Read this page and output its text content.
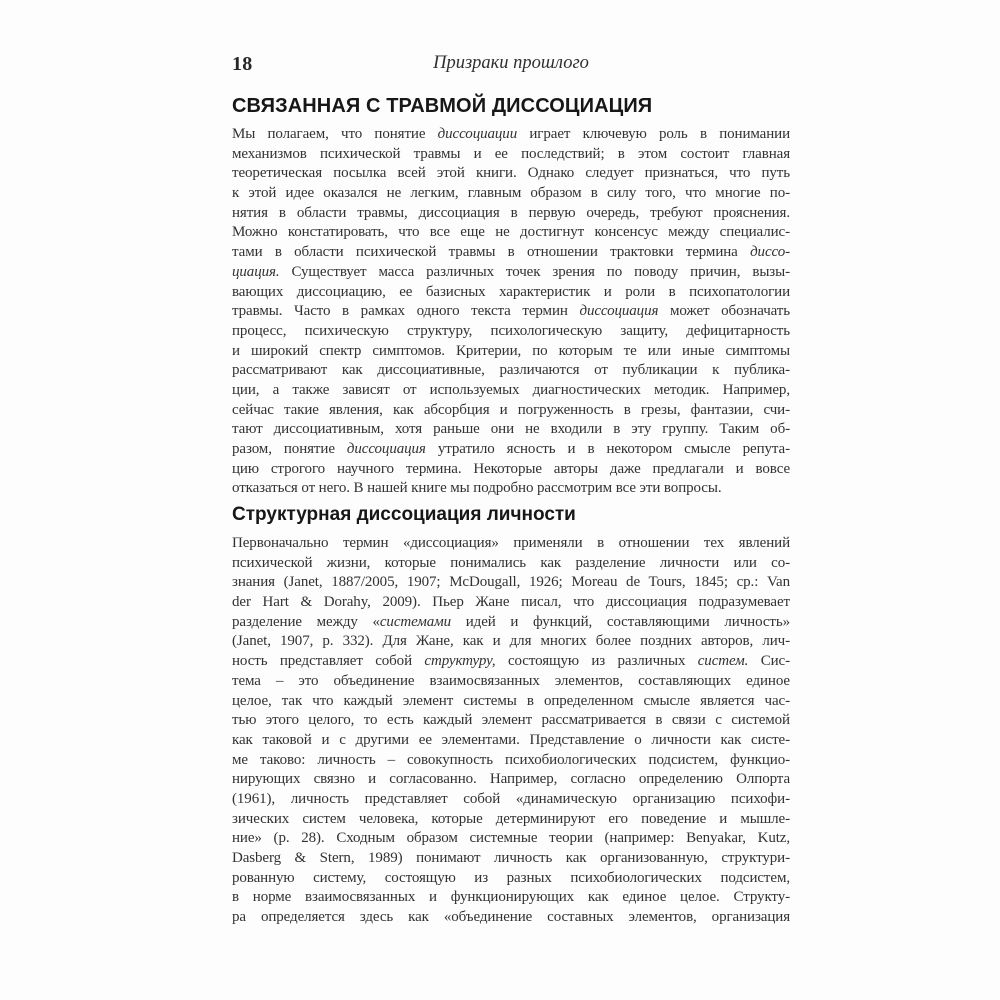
18	Призраки прошлого
СВЯЗАННАЯ С ТРАВМОЙ ДИССОЦИАЦИЯ
Мы полагаем, что понятие диссоциации играет ключевую роль в понимании
механизмов психической травмы и ее последствий; в этом состоит главная
теоретическая посылка всей этой книги. Однако следует признаться, что путь
к этой идее оказался не легким, главным образом в силу того, что многие по-
нятия в области травмы, диссоциация в первую очередь, требуют прояснения.
Можно констатировать, что все еще не достигнут консенсус между специалис-
тами в области психической травмы в отношении трактовки термина диссо-
циация. Существует масса различных точек зрения по поводу причин, вызы-
вающих диссоциацию, ее базисных характеристик и роли в психопатологии
травмы. Часто в рамках одного текста термин диссоциация может обозначать
процесс, психическую структуру, психологическую защиту, дефицитарность
и широкий спектр симптомов. Критерии, по которым те или иные симптомы
рассматривают как диссоциативные, различаются от публикации к публика-
ции, а также зависят от используемых диагностических методик. Например,
сейчас такие явления, как абсорбция и погруженность в грезы, фантазии, счи-
тают диссоциативным, хотя раньше они не входили в эту группу. Таким об-
разом, понятие диссоциация утратило ясность и в некотором смысле репута-
цию строгого научного термина. Некоторые авторы даже предлагали и вовсе
отказаться от него. В нашей книге мы подробно рассмотрим все эти вопросы.
Структурная диссоциация личности
Первоначально термин «диссоциация» применяли в отношении тех явлений
психической жизни, которые понимались как разделение личности или со-
знания (Janet, 1887/2005, 1907; McDougall, 1926; Moreau de Tours, 1845; ср.: Van
der Hart & Dorahy, 2009). Пьер Жане писал, что диссоциация подразумевает
разделение между «системами идей и функций, составляющими личность»
(Janet, 1907, p. 332). Для Жане, как и для многих более поздних авторов, лич-
ность представляет собой структуру, состоящую из различных систем. Сис-
тема – это объединение взаимосвязанных элементов, составляющих единое
целое, так что каждый элемент системы в определенном смысле является час-
тью этого целого, то есть каждый элемент рассматривается в связи с системой
как таковой и с другими ее элементами. Представление о личности как систе-
ме таково: личность – совокупность психобиологических подсистем, функцио-
нирующих связно и согласованно. Например, согласно определению Олпорта
(1961), личность представляет собой «динамическую организацию психофи-
зических систем человека, которые детерминируют его поведение и мышле-
ние» (p. 28). Сходным образом системные теории (например: Benyakar, Kutz,
Dasberg & Stern, 1989) понимают личность как организованную, структури-
рованную систему, состоящую из разных психобиологических подсистем,
в норме взаимосвязанных и функционирующих как единое целое. Структу-
ра определяется здесь как «объединение составных элементов, организация
